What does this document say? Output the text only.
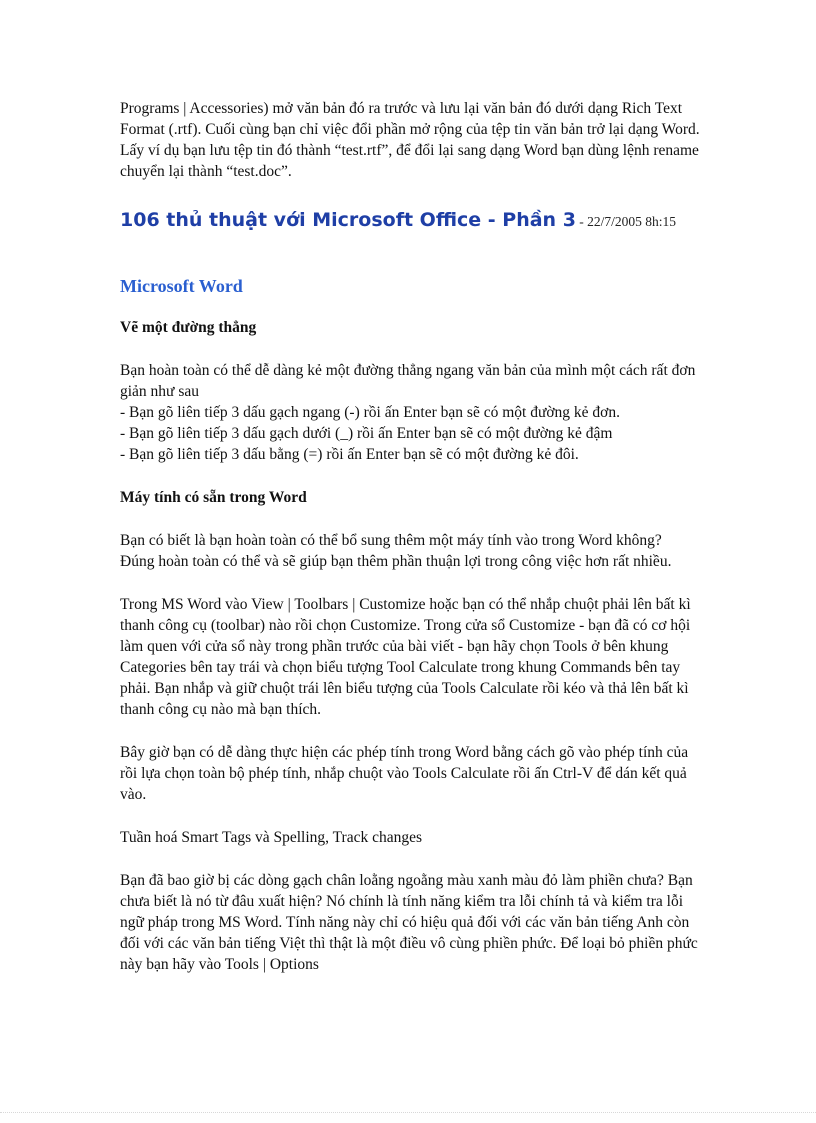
Programs | Accessories) mở văn bản đó ra trước và lưu lại văn bản đó dưới dạng Rich Text Format (.rtf). Cuối cùng bạn chỉ việc đổi phần mở rộng của tệp tin văn bản trở lại dạng Word. Lấy ví dụ bạn lưu tệp tin đó thành “test.rtf”, để đổi lại sang dạng Word bạn dùng lệnh rename chuyển lại thành “test.doc”.

106 thủ thuật với Microsoft Office - Phần 3 - 22/7/2005 8h:15

Microsoft Word

Vẽ một đường thẳng

Bạn hoàn toàn có thể dễ dàng kẻ một đường thẳng ngang văn bản của mình một cách rất đơn giản như sau

- Bạn gõ liên tiếp 3 dấu gạch ngang (-) rồi ấn Enter bạn sẽ có một đường kẻ đơn.

- Bạn gõ liên tiếp 3 dấu gạch dưới (_) rồi ấn Enter bạn sẽ có một đường kẻ đậm

- Bạn gõ liên tiếp 3 dấu bằng (=) rồi ấn Enter bạn sẽ có một đường kẻ đôi.

Máy tính có sẵn trong Word

Bạn có biết là bạn hoàn toàn có thể bổ sung thêm một máy tính vào trong Word không? Đúng hoàn toàn có thể và sẽ giúp bạn thêm phần thuận lợi trong công việc hơn rất nhiều.

Trong MS Word vào View | Toolbars | Customize hoặc bạn có thể nhắp chuột phải lên bất kì thanh công cụ (toolbar) nào rồi chọn Customize. Trong cửa sổ Customize - bạn đã có cơ hội làm quen với cửa sổ này trong phần trước của bài viết - bạn hãy chọn Tools ở bên khung Categories bên tay trái và chọn biểu tượng Tool Calculate trong khung Commands bên tay phải. Bạn nhắp và giữ chuột trái lên biểu tượng của Tools Calculate rồi kéo và thả lên bất kì thanh công cụ nào mà bạn thích.

Bây giờ bạn có dễ dàng thực hiện các phép tính trong Word bằng cách gõ vào phép tính của rồi lựa chọn toàn bộ phép tính, nhắp chuột vào Tools Calculate rồi ấn Ctrl-V để dán kết quả vào.

Tuần hoá Smart Tags và Spelling, Track changes

Bạn đã bao giờ bị các dòng gạch chân loằng ngoằng màu xanh màu đỏ làm phiền chưa? Bạn chưa biết là nó từ đâu xuất hiện? Nó chính là tính năng kiểm tra lỗi chính tả và kiểm tra lỗi ngữ pháp trong MS Word. Tính năng này chỉ có hiệu quả đối với các văn bản tiếng Anh còn đối với các văn bản tiếng Việt thì thật là một điều vô cùng phiền phức. Để loại bỏ phiền phức này bạn hãy vào Tools | Options
